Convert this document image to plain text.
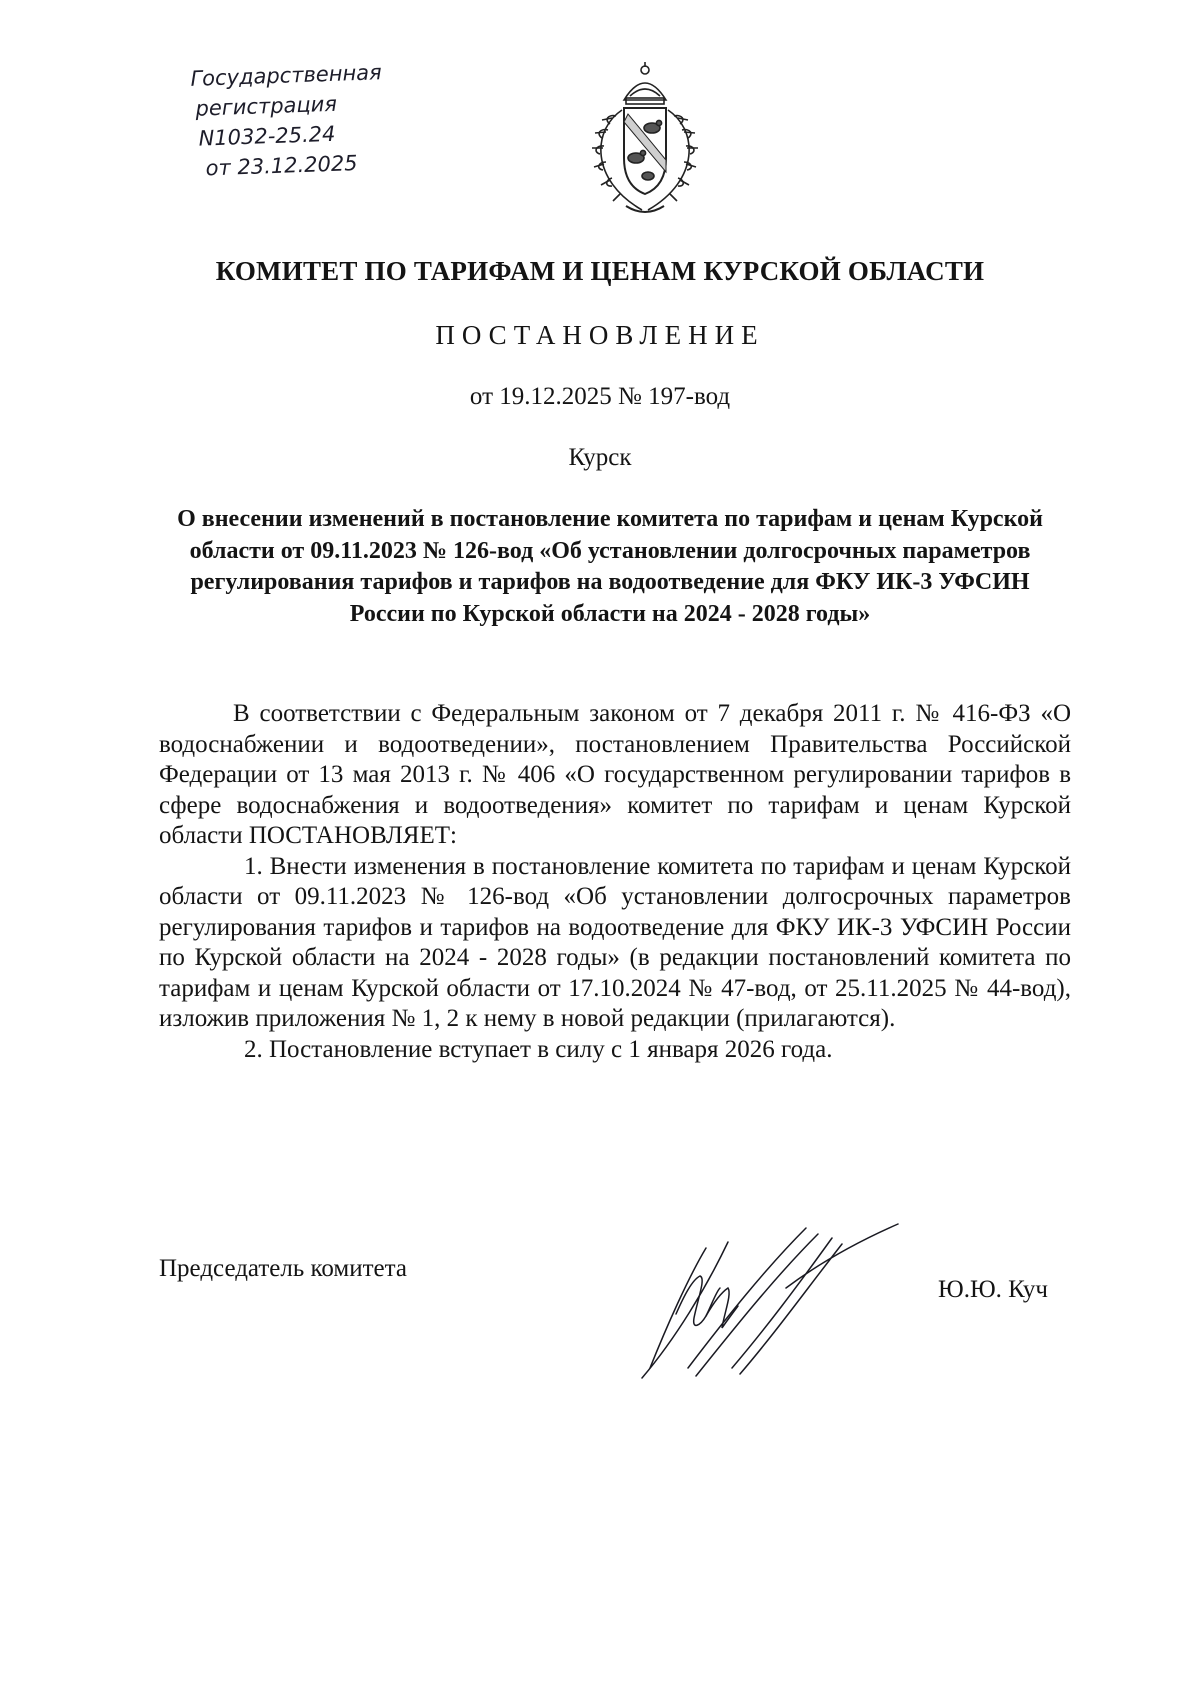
Государственная
регистрация
N1032-25.24
от 23.12.2025
КОМИТЕТ ПО ТАРИФАМ И ЦЕНАМ КУРСКОЙ ОБЛАСТИ
ПОСТАНОВЛЕНИЕ
от 19.12.2025 № 197-вод
Курск
О внесении изменений в постановление комитета по тарифам и ценам Курской области от 09.11.2023 № 126-вод «Об установлении долгосрочных параметров регулирования тарифов и тарифов на водоотведение для ФКУ ИК-3 УФСИН России по Курской области на 2024 - 2028 годы»

В соответствии с Федеральным законом от 7 декабря 2011 г. № 416-ФЗ «О водоснабжении и водоотведении», постановлением Правительства Российской Федерации от 13 мая 2013 г. № 406 «О государственном регулировании тарифов в сфере водоснабжения и водоотведения» комитет по тарифам и ценам Курской области ПОСТАНОВЛЯЕТ:

1. Внести изменения в постановление комитета по тарифам и ценам Курской области от 09.11.2023 № 126-вод «Об установлении долгосрочных параметров регулирования тарифов и тарифов на водоотведение для ФКУ ИК-3 УФСИН России по Курской области на 2024 - 2028 годы» (в редакции постановлений комитета по тарифам и ценам Курской области от 17.10.2024 № 47-вод, от 25.11.2025 № 44-вод), изложив приложения № 1, 2 к нему в новой редакции (прилагаются).

2. Постановление вступает в силу с 1 января 2026 года.

Председатель комитета
Ю.Ю. Куч
